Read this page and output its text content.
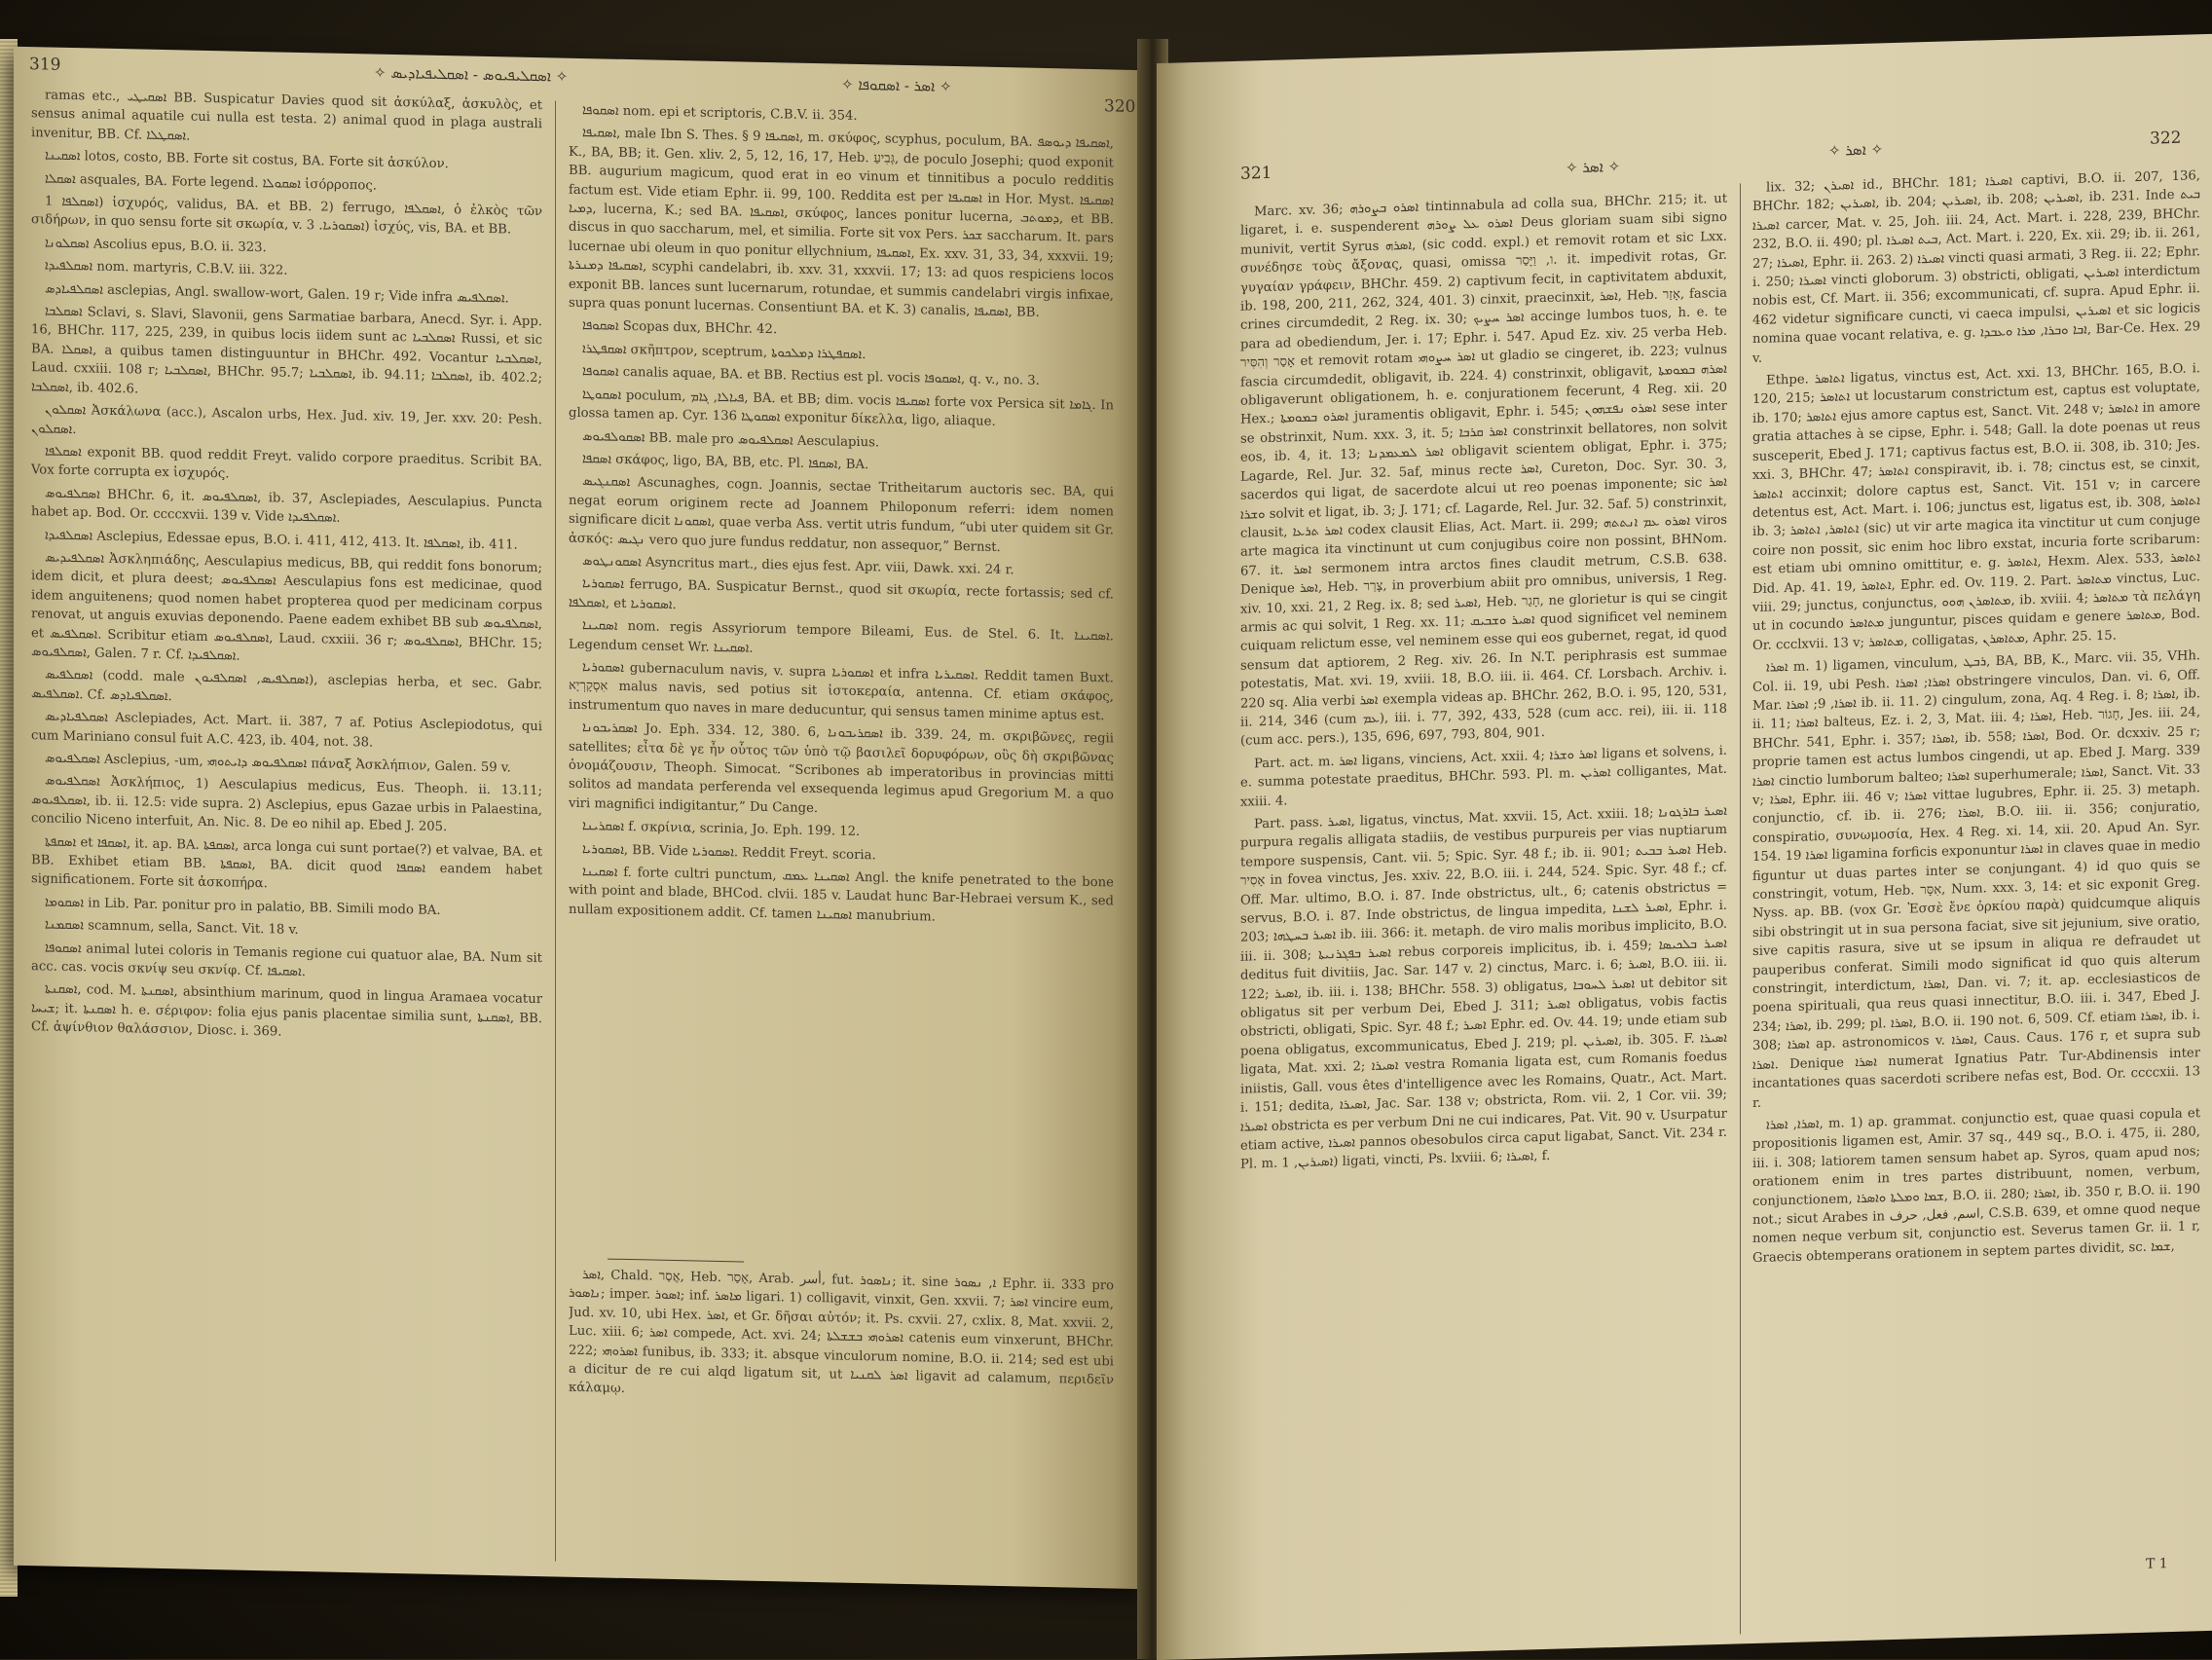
319	✧ ܐܣܩܠܝܦܝܘܣ - ܐܣܩܠܝܦܝܐܕܝܣ ✧	✧ ܐܣܪ - ܐܣܩܘܦܐ ✧
320

ramas etc., ܐܣܩܝܛܝ BB. Suspicatur Davies quod sit ἀσκύλαξ, ἀσκυλὸς, et sensus animal aquatile cui nulla est testa. 2) animal quod in plaga australi invenitur, BB. Cf. ܐܣܩܛܠܐ.

ܐܣܩܝܢܐ lotos, costo, BB. Forte sit costus, BA. Forte sit ἀσκύλον.

ܐܣܩܠܐ asquales, BA. Forte legend. ܐܣܩܘܠܐ ἰσόρροπος.

ܐܣܩܠܦܐ 1) ἰσχυρός, validus, BA. et BB. 2) ferrugo, ܐܣܩܠܦܐ, ὁ ἐλκὸς τῶν σιδήρων, in quo sensu forte sit σκωρία, v. ܐܣܩܘܪܝܐ. 3) ἰσχύς, vis, BA. et BB.

ܐܣܩܠܘܢܐ Ascolius epus, B.O. ii. 323.

ܐܣܩܠܦܝܕܐ nom. martyris, C.B.V. iii. 322.

ܐܣܩܠܦܝܐܕܣ asclepias, Angl. swallow-wort, Galen. 19 r; Vide infra ܐܣܩܠܦܝܣ.

ܐܣܩܠܒܐ Sclavi, s. Slavi, Slavonii, gens Sarmatiae barbara, Anecd. Syr. i. App. 16, BHChr. 117, 225, 239, in quibus locis iidem sunt ac ܐܣܩܠܒܝܐ Russi, et sic BA. ܐܣܩܠܐ, a quibus tamen distinguuntur in BHChr. 492. Vocantur ܐܣܩܠܒܝܐ, Laud. cxxiii. 108 r; ܐܣܩܠܒܝܐ, BHChr. 95.7; ܐܣܩܠܒܝܐ, ib. 94.11; ܐܣܩܠܒܐ, ib. 402.2; ܐܣܩܠܒܐ, ib. 402.6.

ܐܣܩܠܘܢ Ἀσκάλωνα (acc.), Ascalon urbs, Hex. Jud. xiv. 19, Jer. xxv. 20: Pesh. ܐܣܩܠܘܢ.

ܐܣܩܠܦܐ exponit BB. quod reddit Freyt. valido corpore praeditus. Scribit BA. Vox forte corrupta ex ἰσχυρός.

ܐܣܩܠܦܝܘܣ BHChr. 6, it. ܐܣܩܠܦܝܘܣ, ib. 37, Asclepiades, Aesculapius. Puncta habet ap. Bod. Or. ccccxvii. 139 v. Vide ܐܣܩܠܦܝܕܐ.

ܐܣܩܠܦܝܕܐ Asclepius, Edessae epus, B.O. i. 411, 412, 413. It. ܐܣܩܠܦܐ, ib. 411.

ܐܣܩܠܦܝܕܝܣ Ἀσκληπιάδης, Aesculapius medicus, BB, qui reddit fons bonorum; idem dicit, et plura deest; ܐܣܩܠܦܝܘܣ Aesculapius fons est medicinae, quod idem anguitenens; quod nomen habet propterea quod per medicinam corpus renovat, ut anguis exuvias deponendo. Paene eadem exhibet BB sub ܐܣܩܠܦܝܘܣ, et ܐܣܩܠܦܝܣ. Scribitur etiam ܐܣܩܠܦܝܘܣ, Laud. cxxiii. 36 r; ܐܣܩܠܦܝܘܣ, BHChr. 15; ܐܣܩܠܦܝܘܣ, Galen. 7 r. Cf. ܐܣܩܠܦܝܕܐ.

ܐܣܩܠܦܝܣ (codd. male ܐܣܩܠܦܝܣ, ܐܣܩܠܦܝܘܢ), asclepias herba, et sec. Gabr. ܐܣܩܠܦܝܣ. Cf. ܐܣܩܠܦܝܐܕܣ.

ܐܣܩܠܦܝܐܕܝܣ Asclepiades, Act. Mart. ii. 387, 7 af. Potius Asclepiodotus, qui cum Mariniano consul fuit A.C. 423, ib. 404, not. 38.

ܐܣܩܠܦܝܘܣ Asclepius, -um, ܐܣܩܠܦܝܘܣ ܕܐܝܬܘܗܝ πάναξ Ἀσκλήπιον, Galen. 59 v.

ܐܣܩܠܦܝܘܣ Ἀσκλήπιος, 1) Aesculapius medicus, Eus. Theoph. ii. 13.11; ܐܣܩܠܦܝܘܣ, ib. ii. 12.5: vide supra. 2) Asclepius, epus Gazae urbis in Palaestina, concilio Niceno interfuit, An. Nic. 8. De eo nihil ap. Ebed J. 205.

ܐܣܩܦܬܐ et ܐܣܩܦܐ, it. ap. BA. ܐܣܩܦܬܐ, arca longa cui sunt portae(?) et valvae, BA. et BB. Exhibet etiam BB. ܐܣܩܦܬܐ, BA. dicit quod ܐܣܩܦܐ eandem habet significationem. Forte sit ἀσκοπήρα.

ܐܣܩܘܡܐ in Lib. Par. ponitur pro in palatio, BB. Simili modo BA.

ܐܣܩܡܢܐ scamnum, sella, Sanct. Vit. 18 v.

ܐܣܩܘܦܐ animal lutei coloris in Temanis regione cui quatuor alae, BA. Num sit acc. cas. vocis σκνίψ seu σκνίφ. Cf. ܐܣܩܝܦܐ.

ܐܣܩܢܬܐ, cod. M. ܐܣܩܢܬܐ, absinthium marinum, quod in lingua Aramaea vocatur ܫܝܚܐ; it. ܐܣܩܢܬܐ h. e. σέριφον: folia ejus panis placentae similia sunt, ܐܣܩܢܬܐ, BB. Cf. ἀψίνθιον θαλάσσιον, Diosc. i. 369.

ܐܣܩܘܦܐ nom. epi et scriptoris, C.B.V. ii. 354.

ܐܣܩܝܦܐ, male Ibn S. Thes. § 9 ܐܣܩܝܦܐ, m. σκύφος, scyphus, poculum, BA. ܐܣܩܝܦܐ ܕܝܘܣܦ, K., BA, BB; it. Gen. xliv. 2, 5, 12, 16, 17, Heb. גְּבִיעַ, de poculo Josephi; quod exponit BB. augurium magicum, quod erat in eo vinum et tinnitibus a poculo redditis factum est. Vide etiam Ephr. ii. 99, 100. Reddita est per ܐܣܩܝܦܐ in Hor. Myst. ܐܣܩܝܦܐ ܕܡܝܐ, lucerna, K.; sed BA. ܐܣܩܝܦܐ, σκύφος, lances ponitur lucerna, ܕܡܘܬܒ, et BB. discus in quo saccharum, mel, et similia. Forte sit vox Pers. ܫܟܪ saccharum. It. pars lucernae ubi oleum in quo ponitur ellychnium, ܐܣܩܝܦܐ, Ex. xxv. 31, 33, 34, xxxvii. 19; ܐܣܩܝܦܐ ܕܡܢܪܬܐ, scyphi candelabri, ib. xxv. 31, xxxvii. 17; 13: ad quos respiciens locos exponit BB. lances sunt lucernarum, rotundae, et summis candelabri virgis infixae, supra quas ponunt lucernas. Consentiunt BA. et K. 3) canalis, ܐܣܩܝܦܐ, BB.

ܐܣܩܘܦܐ Scopas dux, BHChr. 42.

ܐܣܩܦܛܪܐ σκῆπτρον, sceptrum, ܐܣܩܦܛܪܐ ܕܡܠܟܘܬܐ.

ܐܣܩܘܦܐ canalis aquae, BA. et BB. Rectius est pl. vocis ܐܣܩܘܦܐ, q. v., no. 3.

ܐܣܩܘܛܐ poculum, ܦܝܐܠܐ, ܓܐܡ, BA. et BB; dim. vocis ܐܣܩܝܦܐ forte vox Persica sit ܓܐܡܐ. In glossa tamen ap. Cyr. 136 ܐܣܩܘܛܐ exponitur δίκελλα, ligo, aliaque.

ܐܣܩܘܠܦܝܘܣ BB. male pro ܐܣܩܠܦܝܘܣ Aesculapius.

ܐܣܩܦܐ σκάφος, ligo, BA, BB, etc. Pl. ܐܣܩܦܐ, BA.

ܐܣܩܢܓܝܣ Ascunaghes, cogn. Joannis, sectae Tritheitarum auctoris sec. BA, qui negat eorum originem recte ad Joannem Philoponum referri: idem nomen significare dicit ܐܣܩܘܢܐ, quae verba Ass. vertit utris fundum, “ubi uter quidem sit Gr. ἀσκός: ܢܓܝܣ vero quo jure fundus reddatur, non assequor,” Bernst.

ܐܣܩܘܢܛܘܣ Asyncritus mart., dies ejus fest. Apr. viii, Dawk. xxi. 24 r.

ܐܣܩܘܪܝܐ ferrugo, BA. Suspicatur Bernst., quod sit σκωρία, recte fortassis; sed cf. ܐܣܩܠܦܐ, et ܐܣܩܘܪܝܐ.

ܐܣܩܝܢܐ nom. regis Assyriorum tempore Bileami, Eus. de Stel. 6. It. ܐܣܩܝܢܐ. Legendum censet Wr. ܐܣܩܝܢܐ.

ܐܣܩܘܪܝܐ gubernaculum navis, v. supra ܐܣܩܘܪܝܐ et infra ܐܣܩܝܪܝܐ. Reddit tamen Buxt. אִסְקָרְיָא malus navis, sed potius sit ἰστοκεραία, antenna. Cf. etiam σκάφος, instrumentum quo naves in mare deducuntur, qui sensus tamen minime aptus est.

ܐܣܩܪܝܒܘܢܐ Jo. Eph. 334. 12, 380. 6, ܐܣܩܪܝܒܘܢܐ ib. 339. 24, m. σκριβῶνες, regii satellites; εἶτα δὲ γε ἦν οὗτος τῶν ὑπὸ τῷ βασιλεῖ δορυφόρων, οὓς δὴ σκριβῶνας ὀνομάζουσιν, Theoph. Simocat. “Scribones ab imperatoribus in provincias mitti solitos ad mandata perferenda vel exsequenda legimus apud Gregorium M. a quo viri magnifici indigitantur,” Du Cange.

ܐܣܩܪܝܢܐ f. σκρίνια, scrinia, Jo. Eph. 199. 12.

ܐܣܩܘܪܝܐ, BB. Vide ܐܣܩܘܪܝܐ. Reddit Freyt. scoria.

ܐܣܩܝܢܐ f. forte cultri punctum, ܐܣܩܝܢܐ ܥܡܩ Angl. the knife penetrated to the bone with point and blade, BHCod. clvii. 185 v. Laudat hunc Bar-Hebraei versum K., sed nullam expositionem addit. Cf. tamen ܐܣܩܝܢܐ manubrium.

ܐܣܪ, Chald. אֲסַר, Heb. אָסַר, Arab. أسر, fut. ܢܐܣܘܪ; it. sine ܐ, ܢܣܘܪ Ephr. ii. 333 pro ܢܐܣܘܪ; imper. ܐܣܘܪ; inf. ܡܐܣܪ ligari. 1) colligavit, vinxit, Gen. xxvii. 7; ܐܣܪ vincire eum, Jud. xv. 10, ubi Hex. ܐܣܪ, et Gr. δῆσαι αὐτόν; it. Ps. cxvii. 27, cxlix. 8, Mat. xxvii. 2, Luc. xiii. 6; ܐܣܪ compede, Act. xvi. 24; ܐܣܪܘܗܝ ܒܫܫܠܬܐ catenis eum vinxerunt, BHChr. 222; ܐܣܪܘܗܝ funibus, ib. 333; it. absque vinculorum nomine, B.O. ii. 214; sed est ubi a dicitur de re cui alqd ligatum sit, ut ܐܣܪ ܠܩܢܝܐ ligavit ad calamum, περιδεῖν κάλαμῳ.

321	✧ ܐܣܪ ✧
✧ ܐܣܪ ✧
322

Marc. xv. 36; ܐܣܪܘ ܒܨܘܪܗ tintinnabula ad colla sua, BHChr. 215; it. ut ligaret, i. e. suspenderent ܐܣܪܘ ܥܠ ܨܘܪܗ Deus gloriam suam sibi signo munivit, vertit Syrus ܐܣܪܗ, (sic codd. expl.) et removit rotam et sic Lxx. συνέδησε τοὺς ἄξονας, quasi, omissa ו, וַיָּסַר. it. impedivit rotas, Gr. γυγαίαν γράφειν, BHChr. 459. 2) captivum fecit, in captivitatem abduxit, ib. 198, 200, 211, 262, 324, 401. 3) cinxit, praecinxit, ܐܣܪ, Heb. אָזַר, fascia crines circumdedit, 2 Reg. ix. 30; ܐܣܪ ܚܨܝܟ accinge lumbos tuos, h. e. te para ad obediendum, Jer. i. 17; Ephr. i. 547. Apud Ez. xiv. 25 verba Heb. אָסַר וְהִסִּיר et removit rotam ܐܣܪ ܚܨܘܗܝ ut gladio se cingeret, ib. 223; vulnus fascia circumdedit, obligavit, ib. 224. 4) constrinxit, obligavit, ܐܣܪܗ ܒܡܘܡܬܐ obligaverunt obligationem, h. e. conjurationem fecerunt, 4 Reg. xii. 20 Hex.; ܐܣܪܘ ܒܡܘܡܬܐ juramentis obligavit, Ephr. i. 545; ܐܣܪܘ ܢܦܫܗܘܢ sese inter se obstrinxit, Num. xxx. 3, it. 5; ܐܣܪ ܩܪܒܐ constrinxit bellatores, non solvit eos, ib. 4, it. 13; ܐܣܪ ܠܡܥܡܕܢܐ obligavit scientem obligat, Ephr. i. 375; Lagarde, Rel. Jur. 32. 5af, minus recte ܐܣܪ, Cureton, Doc. Syr. 30. 3, sacerdos qui ligat, de sacerdote alcui ut reo poenas imponente; sic ܐܣܪ ܘܫܪܐ solvit et ligat, ib. 3; J. 171; cf. Lagarde, Rel. Jur. 32. 5af. 5) constrinxit, clausit, ܐܣܪ ܬܪܥܐ codex clausit Elias, Act. Mart. ii. 299; ܐܣܪܘ ܥܡ ܐܢܬܬܗ viros arte magica ita vinctinunt ut cum conjugibus coire non possint, BHNom. 67. it. ܐܣܪ sermonem intra arctos fines claudit metrum, C.S.B. 638. Denique ܐܣܪ, Heb. צָרַר, in proverbium abiit pro omnibus, universis, 1 Reg. xiv. 10, xxi. 21, 2 Reg. ix. 8; sed ܐܣܝܪ, Heb. חָגַר, ne glorietur is qui se cingit armis ac qui solvit, 1 Reg. xx. 11; ܐܣܝܪ ܘܫܒܝܩ quod significet vel neminem cuiquam relictum esse, vel neminem esse qui eos gubernet, regat, id quod sensum dat aptiorem, 2 Reg. xiv. 26. In N.T. periphrasis est summae potestatis, Mat. xvi. 19, xviii. 18, B.O. iii. ii. 464. Cf. Lorsbach. Archiv. i. 220 sq. Alia verbi ܐܣܪ exempla videas ap. BHChr. 262, B.O. i. 95, 120, 531, ii. 214, 346 (cum ܥܡ), iii. i. 77, 392, 433, 528 (cum acc. rei), iii. ii. 118 (cum acc. pers.), 135, 696, 697, 793, 804, 901.

Part. act. m. ܐܣܪ ligans, vinciens, Act. xxii. 4; ܐܣܪ ܘܫܪܐ ligans et solvens, i. e. summa potestate praeditus, BHChr. 593. Pl. m. ܐܣܪܝܢ colligantes, Mat. xxiii. 4.

Part. pass. ܐܣܝܪ, ligatus, vinctus, Mat. xxvii. 15, Act. xxiii. 18; ܐܣܝܪ ܒܐܪܓܘܢܐ purpura regalis alligata stadiis, de vestibus purpureis per vias nuptiarum tempore suspensis, Cant. vii. 5; Spic. Syr. 48 f.; ib. ii. 901; ܐܣܝܪ ܒܒܝܬ Heb. אָסִיר in fovea vinctus, Jes. xxiv. 22, B.O. iii. i. 244, 524. Spic. Syr. 48 f.; cf. Off. Mar. ultimo, B.O. i. 87. Inde obstrictus, ult., 6; catenis obstrictus = servus, B.O. i. 87. Inde obstrictus, de lingua impedita, ܐܣܝܪ ܠܫܢܐ, Ephr. i. 203; ܐܣܝܪ ܒܚܛܗܐ ib. iii. 366: it. metaph. de viro malis moribus implicito, B.O. iii. ii. 308; ܐܣܝܪ ܒܦܓܪܢܝܬܐ rebus corporeis implicitus, ib. i. 459; ܐܣܝܪ ܒܠܟܝܣܐ deditus fuit divitiis, Jac. Sar. 147 v. 2) cinctus, Marc. i. 6; ܐܣܝܪ, B.O. iii. ii. 122; ܐܣܝܪ, ib. iii. i. 138; BHChr. 558. 3) obligatus, ܐܣܝܪ ܠܚܘܒܐ ut debitor sit obligatus sit per verbum Dei, Ebed J. 311; ܐܣܝܪ obligatus, vobis factis obstricti, obligati, Spic. Syr. 48 f.; ܐܣܝܪ Ephr. ed. Ov. 44. 19; unde etiam sub poena obligatus, excommunicatus, Ebed J. 219; pl. ܐܣܝܪܝܢ, ib. 305. F. ܐܣܝܪܐ ligata, Mat. xxi. 2; ܐܣܝܪܐ vestra Romania ligata est, cum Romanis foedus iniistis, Gall. vous êtes d'intelligence avec les Romains, Quatr., Act. Mart. i. 151; dedita, ܐܣܝܪܐ, Jac. Sar. 138 v; obstricta, Rom. vii. 2, 1 Cor. vii. 39; ܐܣܝܪܐ obstricta es per verbum Dni ne cui indicares, Pat. Vit. 90 v. Usurpatur etiam active, ܐܣܝܪܐ pannos obesobulos circa caput ligabat, Sanct. Vit. 234 r. Pl. m. ܐܣܝܪܝܢ, 1) ligati, vincti, Ps. lxviii. 6; ܐܣܝܪܐ, f.

lix. 32; ܐܣܝܪܢ id., BHChr. 181; ܐܣܝܪܐ captivi, B.O. ii. 207, 136, BHChr. 182; ܐܣܝܪܝܢ, ib. 204; ܐܣܝܪܝܢ, ib. 208; ܐܣܝܪܝܢ, ib. 231. Inde ܒܝܬ ܐܣܝܪܐ carcer, Mat. v. 25, Joh. iii. 24, Act. Mart. i. 228, 239, BHChr. 232, B.O. ii. 490; pl. ܒܝܬ ܐܣܝܪܐ, Act. Mart. i. 220, Ex. xii. 29; ib. ii. 261, 27; ܐܣܝܪܐ, Ephr. ii. 263. 2) ܐܣܝܪܐ vincti quasi armati, 3 Reg. ii. 22; Ephr. i. 250; ܐܣܝܪܐ vincti globorum. 3) obstricti, obligati, ܐܣܝܪܝܢ interdictum nobis est, Cf. Mart. ii. 356; excommunicati, cf. supra. Apud Ephr. ii. 462 videtur significare cuncti, vi caeca impulsi, ܐܣܝܪܝܢ et sic logicis nomina quae vocant relativa, e. g. ܐܒܐ ܘܒܪܐ, ܡܪܐ ܘܥܒܕܐ, Bar-Ce. Hex. 29 v.

Ethpe. ܐܬܐܣܪ ligatus, vinctus est, Act. xxi. 13, BHChr. 165, B.O. i. 120, 215; ܐܬܐܣܪ ut locustarum constrictum est, captus est voluptate, ib. 170; ܐܬܐܣܪ ejus amore captus est, Sanct. Vit. 248 v; ܐܬܐܣܪ in amore gratia attaches à se cipse, Ephr. i. 548; Gall. la dote poenas ut reus susceperit, Ebed J. 171; captivus factus est, B.O. ii. 308, ib. 310; Jes. xxi. 3, BHChr. 47; ܐܬܐܣܪ conspiravit, ib. i. 78; cinctus est, se cinxit, ܐܬܐܣܪ accinxit; dolore captus est, Sanct. Vit. 151 v; in carcere detentus est, Act. Mart. i. 106; junctus est, ligatus est, ib. 308, ܐܬܐܣܪ ib. 3; ܐܬܐܣܪ, ܐܬܐܣܪ (sic) ut vir arte magica ita vinctitur ut cum conjuge coire non possit, sic enim hoc libro exstat, incuria forte scribarum: est etiam ubi omnino omittitur, e. g. ܐܬܐܣܪ, Hexm. Alex. 533, ܐܬܐܣܪ Did. Ap. 41. 19, ܐܬܐܣܪ, Ephr. ed. Ov. 119. 2. Part. ܡܬܐܣܪ vinctus, Luc. viii. 29; junctus, conjunctus, ܡܬܐܣܪܢ ܗܘܘ, ib. xviii. 4; ܡܬܐܣܪ τὰ πελάγη ut in cocundo ܡܬܐܣܪ junguntur, pisces quidam e genere ܡܬܐܣܪ, Bod. Or. ccclxvii. 13 v; ܡܬܐܣܪ, colligatas, ܡܬܐܣܪܢ, Aphr. 25. 15.

ܐܣܪܐ m. 1) ligamen, vinculum, ܪܒܛ, BA, BB, K., Marc. vii. 35, VHh. Col. ii. 19, ubi Pesh. ܐܣܪܐ; ܐܣܪܐ obstringere vinculos, Dan. vi. 6, Off. Mar. ܐܣܪܐ, 9; ܐܣܪܐ ib. ii. 11. 2) cingulum, zona, Aq. 4 Reg. i. 8; ܐܣܪܐ, ib. ii. 11; ܐܣܪܐ balteus, Ez. i. 2, 3, Mat. iii. 4; ܐܣܪܐ, Heb. חָגוֹר, Jes. iii. 24, BHChr. 541, Ephr. i. 357; ܐܣܪܐ, ib. 558; ܐܣܪܐ, Bod. Or. dcxxiv. 25 r; proprie tamen est actus lumbos cingendi, ut ap. Ebed J. Marg. 339 ܐܣܪܐ cinctio lumborum balteo; ܐܣܪܐ superhumerale; ܐܣܪܐ, Sanct. Vit. 33 v; ܐܣܪܐ, Ephr. iii. 46 v; ܐܣܪܐ vittae lugubres, Ephr. ii. 25. 3) metaph. conjunctio, cf. ib. ii. 276; ܐܣܪܐ, B.O. iii. ii. 356; conjuratio, conspiratio, συνωμοσία, Hex. 4 Reg. xi. 14, xii. 20. Apud An. Syr. 154. 19 ܐܣܪܐ ligamina forficis exponuntur ܐܣܪܐ in claves quae in medio figuntur ut duas partes inter se conjungant. 4) id quo quis se constringit, votum, Heb. אִסָּר, Num. xxx. 3, 14: et sic exponit Greg. Nyss. ap. BB. (vox Gr. Ἐσσὲ ἔνε ὀρκίου παρὰ) quidcumque aliquis sibi obstringit ut in sua persona faciat, sive sit jejunium, sive oratio, sive capitis rasura, sive ut se ipsum in aliqua re defraudet ut pauperibus conferat. Simili modo significat id quo quis alterum constringit, interdictum, ܐܣܪܐ, Dan. vi. 7; it. ap. ecclesiasticos de poena spirituali, qua reus quasi innectitur, B.O. iii. i. 347, Ebed J. 234; ܐܣܪܐ, ib. 299; pl. ܐܣܪܐ, B.O. ii. 190 not. 6, 509. Cf. etiam ܐܣܪܐ, ib. i. 308; ܐܣܪܐ ap. astronomicos v. ܐܣܪܐ, Caus. Caus. 176 r, et supra sub ܐܣܪܐ. Denique ܐܣܪܐ numerat Ignatius Patr. Tur-Abdinensis inter incantationes quas sacerdoti scribere nefas est, Bod. Or. ccccxii. 13 r.

ܐܣܪܐ, ܐܣܪܐ, m. 1) ap. grammat. conjunctio est, quae quasi copula et propositionis ligamen est, Amir. 37 sq., 449 sq., B.O. i. 475, ii. 280, iii. i. 308; latiorem tamen sensum habet ap. Syros, quam apud nos; orationem enim in tres partes distribuunt, nomen, verbum, conjunctionem, ܫܡܐ ܘܡܠܬܐ ܘܐܣܪܐ, B.O. ii. 280; ܐܣܪܐ, ib. 350 r, B.O. ii. 190 not.; sicut Arabes in اسم, فعل, حرف, C.S.B. 639, et omne quod neque nomen neque verbum sit, conjunctio est. Severus tamen Gr. ii. 1 r, Graecis obtemperans orationem in septem partes dividit, sc. ܫܡܐ,

T 1
